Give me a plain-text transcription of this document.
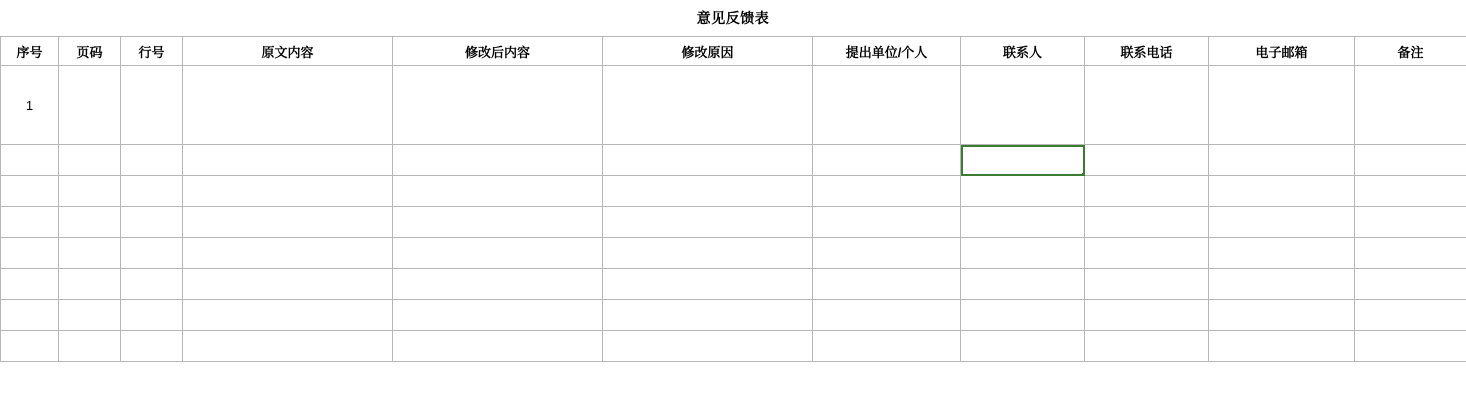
意见反馈表
序号	页码	行号	原文内容	修改后内容	修改原因	提出单位/个人	联系人	联系电话	电子邮箱	备注
1										
